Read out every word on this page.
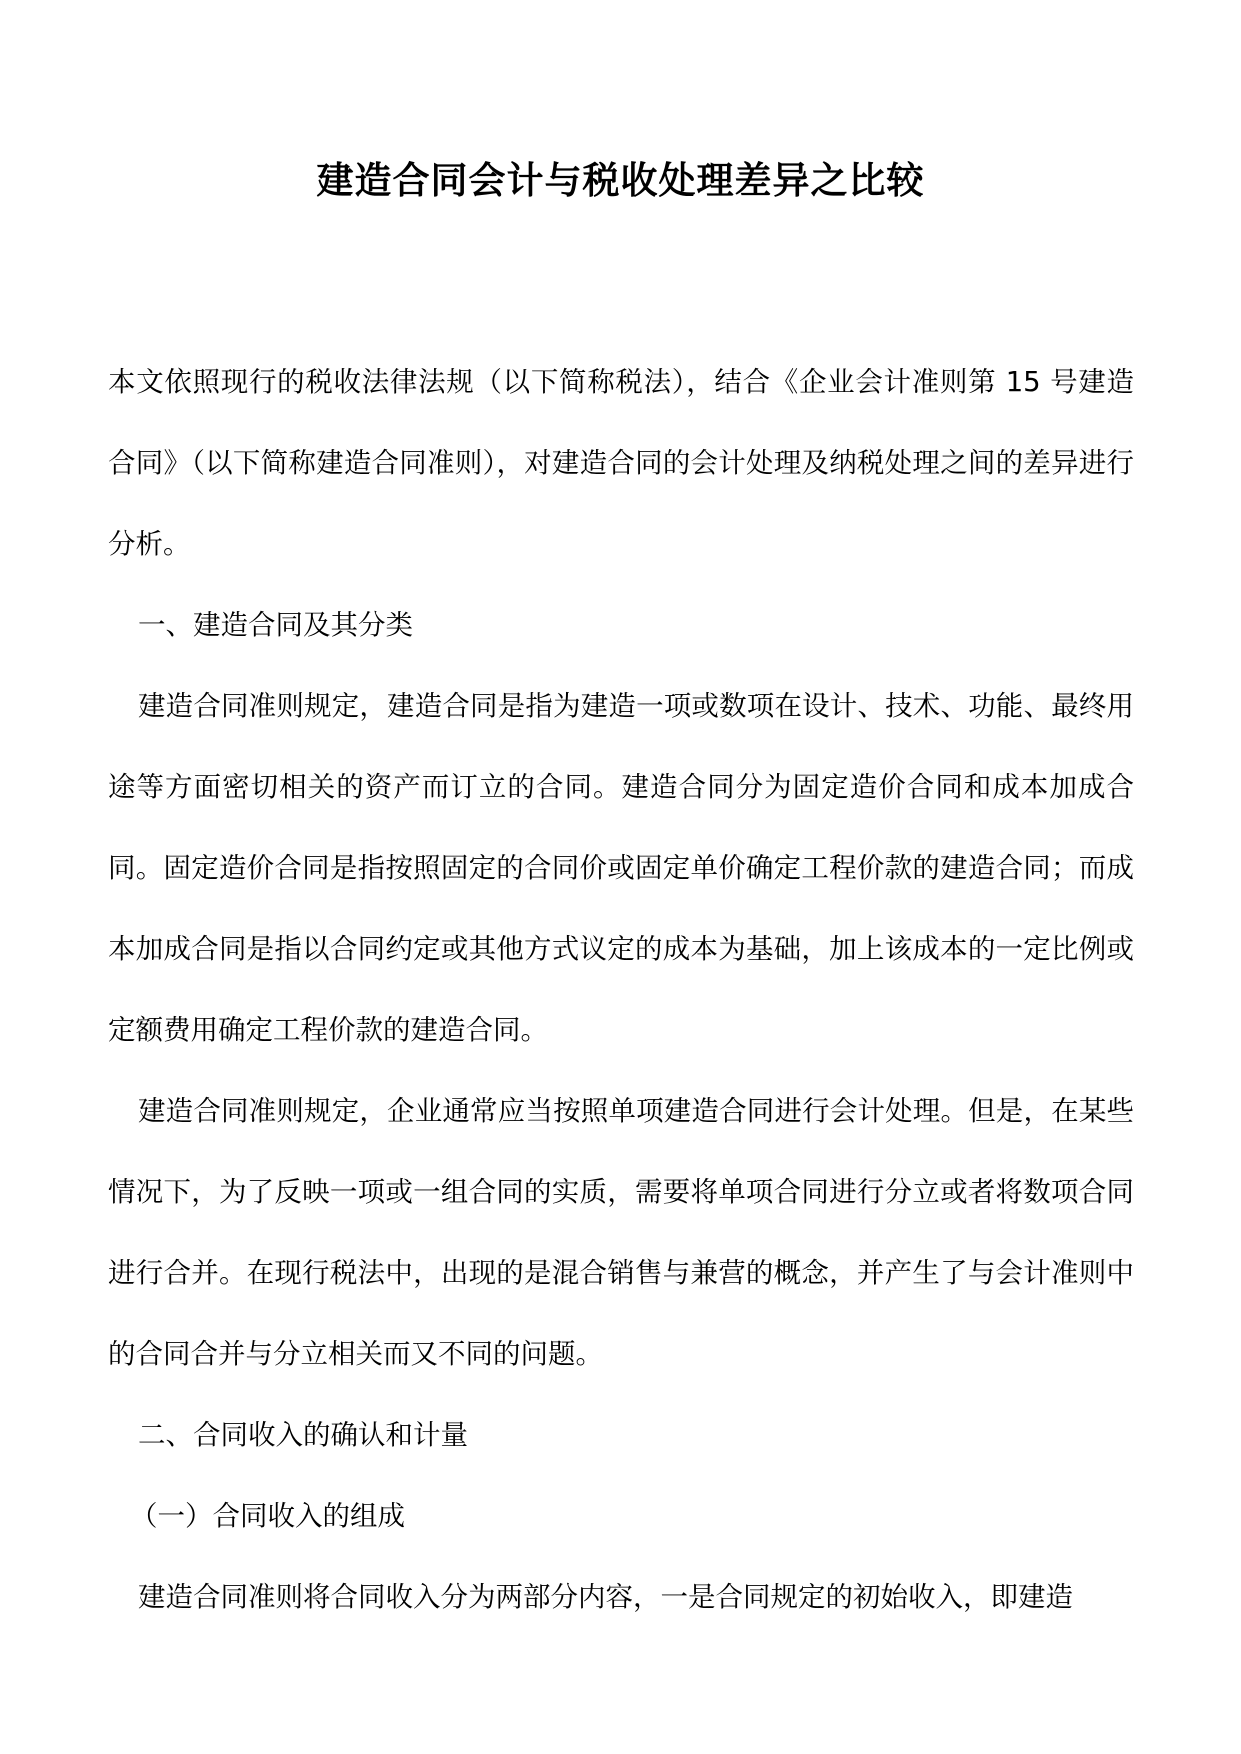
建造合同会计与税收处理差异之比较

本文依照现行的税收法律法规（以下简称税法），结合《企业会计准则第 15 号建造合同》（以下简称建造合同准则），对建造合同的会计处理及纳税处理之间的差异进行分析。

一、建造合同及其分类

建造合同准则规定，建造合同是指为建造一项或数项在设计、技术、功能、最终用途等方面密切相关的资产而订立的合同。建造合同分为固定造价合同和成本加成合同。固定造价合同是指按照固定的合同价或固定单价确定工程价款的建造合同；而成本加成合同是指以合同约定或其他方式议定的成本为基础，加上该成本的一定比例或定额费用确定工程价款的建造合同。

建造合同准则规定，企业通常应当按照单项建造合同进行会计处理。但是，在某些情况下，为了反映一项或一组合同的实质，需要将单项合同进行分立或者将数项合同进行合并。在现行税法中，出现的是混合销售与兼营的概念，并产生了与会计准则中的合同合并与分立相关而又不同的问题。

二、合同收入的确认和计量

（一）合同收入的组成

建造合同准则将合同收入分为两部分内容，一是合同规定的初始收入，即建造
